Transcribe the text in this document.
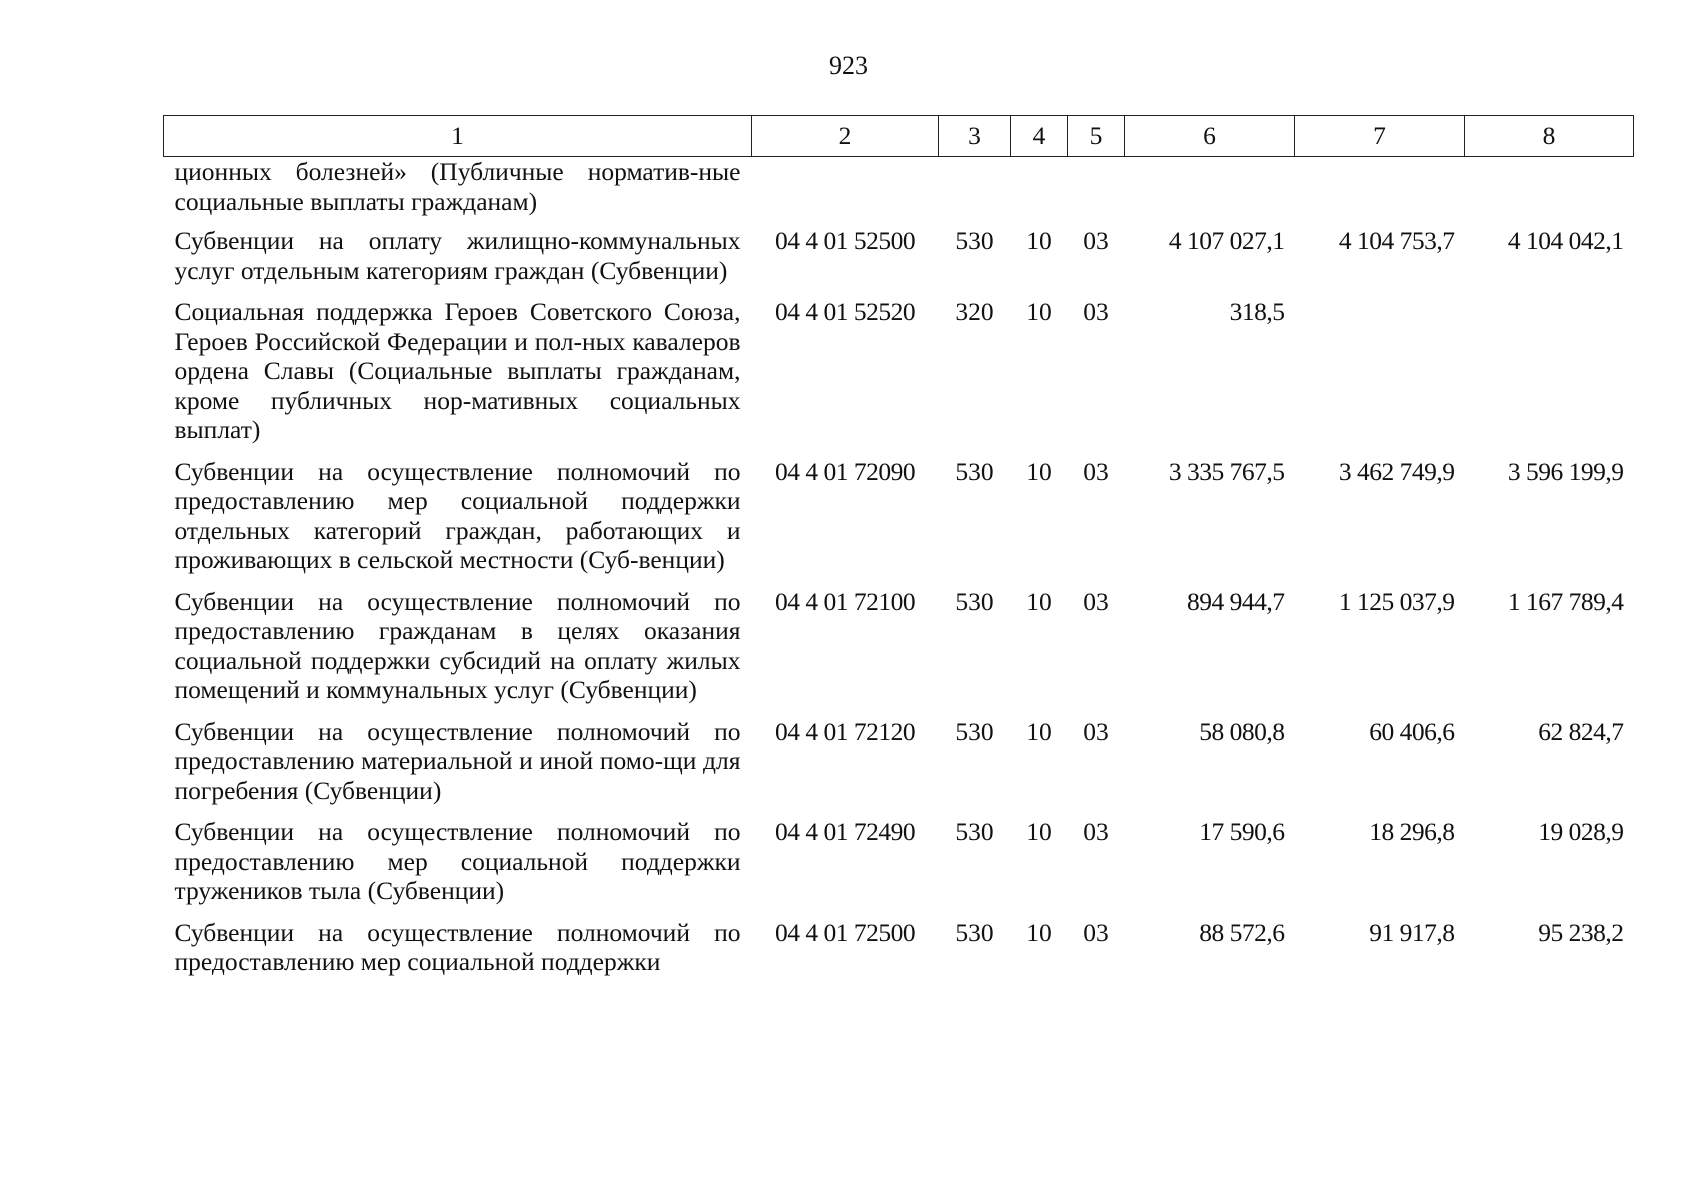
923
1	2	3	4	5	6	7	8
ционных болезней» (Публичные норматив-ные социальные выплаты гражданам)							
Субвенции на оплату жилищно-коммунальных услуг отдельным категориям граждан (Субвенции)	04 4 01 52500	530	10	03	4 107 027,1	4 104 753,7	4 104 042,1
Социальная поддержка Героев Советского Союза, Героев Российской Федерации и пол-ных кавалеров ордена Славы (Социальные выплаты гражданам, кроме публичных нор-мативных социальных выплат)	04 4 01 52520	320	10	03	318,5		
Субвенции на осуществление полномочий по предоставлению мер социальной поддержки отдельных категорий граждан, работающих и проживающих в сельской местности (Суб-венции)	04 4 01 72090	530	10	03	3 335 767,5	3 462 749,9	3 596 199,9
Субвенции на осуществление полномочий по предоставлению гражданам в целях оказания социальной поддержки субсидий на оплату жилых помещений и коммунальных услуг (Субвенции)	04 4 01 72100	530	10	03	894 944,7	1 125 037,9	1 167 789,4
Субвенции на осуществление полномочий по предоставлению материальной и иной помо-щи для погребения (Субвенции)	04 4 01 72120	530	10	03	58 080,8	60 406,6	62 824,7
Субвенции на осуществление полномочий по предоставлению мер социальной поддержки тружеников тыла (Субвенции)	04 4 01 72490	530	10	03	17 590,6	18 296,8	19 028,9
Субвенции на осуществление полномочий по предоставлению мер социальной поддержки	04 4 01 72500	530	10	03	88 572,6	91 917,8	95 238,2
